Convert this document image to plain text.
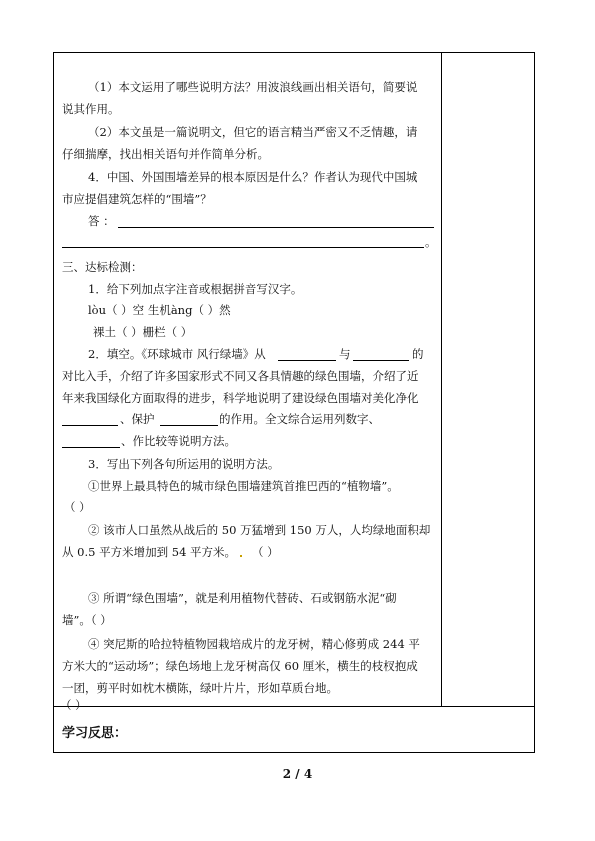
（1）本文运用了哪些说明方法？用波浪线画出相关语句，简要说
说其作用。
（2）本文虽是一篇说明文，但它的语言精当严密又不乏情趣，请
仔细揣摩，找出相关语句并作简单分析。
4．中国、外国围墙差异的根本原因是什么？作者认为现代中国城
市应提倡建筑怎样的“围墙”？
答 ：
。
三、达标检测：
1．给下列加点字注音或根据拼音写汉字。
lòu（ ）空 生机àng（ ）然
裸土（ ）栅栏（ ）
2．填空。《环球城市 风行绿墙》从	与	的
对比入手，介绍了许多国家形式不同又各具情趣的绿色围墙，介绍了近
年来我国绿化方面取得的进步，科学地说明了建设绿色围墙对美化净化
、保护	的作用。全文综合运用列数字、
、作比较等说明方法。
3．写出下列各句所运用的说明方法。
①世界上最具特色的城市绿色围墙建筑首推巴西的“植物墙”。
（ ）
② 该市人口虽然从战后的 50 万猛增到 150 万人，人均绿地面积却
从 0.5 平方米增加到 54 平方米。 （ ）
③ 所谓“绿色围墙”，就是利用植物代替砖、石或钢筋水泥“砌
墙”。（ ）
④ 突尼斯的哈拉特植物园栽培成片的龙牙树，精心修剪成 244 平
方米大的“运动场”；绿色场地上龙牙树高仅 60 厘米，横生的枝杈抱成
一团，剪平时如枕木横陈，绿叶片片，形如草质台地。
（ ）
学习反思：
2 / 4
